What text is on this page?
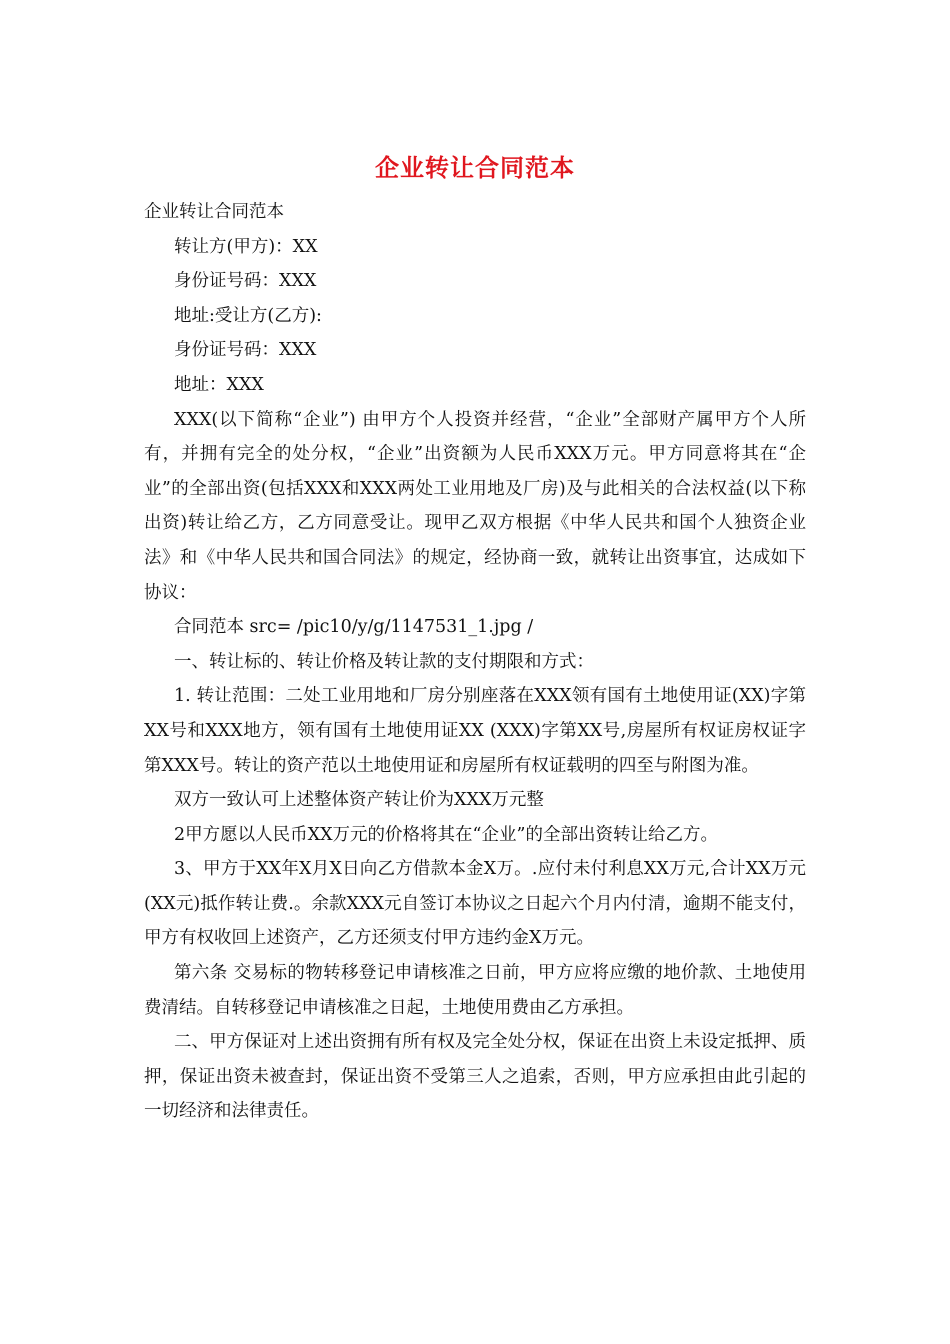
企业转让合同范本

企业转让合同范本

转让方(甲方)：XX

身份证号码：XXX

地址:受让方(乙方):

身份证号码：XXX

地址：XXX

XXX(以下简称“企业”) 由甲方个人投资并经营，“企业”全部财产属甲方个人所有，并拥有完全的处分权，“企业”出资额为人民币XXX万元。甲方同意将其在“企业”的全部出资(包括XXX和XXX两处工业用地及厂房)及与此相关的合法权益(以下称出资)转让给乙方，乙方同意受让。现甲乙双方根据《中华人民共和国个人独资企业法》和《中华人民共和国合同法》的规定，经协商一致，就转让出资事宜，达成如下协议：

合同范本 src= /pic10/y/g/1147531_1.jpg /

一、转让标的、转让价格及转让款的支付期限和方式：

1. 转让范围：二处工业用地和厂房分别座落在XXX领有国有土地使用证(XX)字第XX号和XXX地方，领有国有土地使用证XX (XXX)字第XX号,房屋所有权证房权证字第XXX号。转让的资产范以土地使用证和房屋所有权证载明的四至与附图为准。

双方一致认可上述整体资产转让价为XXX万元整

2甲方愿以人民币XX万元的价格将其在“企业”的全部出资转让给乙方。

3、甲方于XX年X月X日向乙方借款本金X万。.应付未付利息XX万元,合计XX万元(XX元)抵作转让费.。余款XXX元自签订本协议之日起六个月内付清，逾期不能支付，甲方有权收回上述资产，乙方还须支付甲方违约金X万元。

第六条 交易标的物转移登记申请核准之日前，甲方应将应缴的地价款、土地使用费清结。自转移登记申请核准之日起，土地使用费由乙方承担。

二、甲方保证对上述出资拥有所有权及完全处分权，保证在出资上未设定抵押、质押，保证出资未被查封，保证出资不受第三人之追索，否则，甲方应承担由此引起的一切经济和法律责任。
